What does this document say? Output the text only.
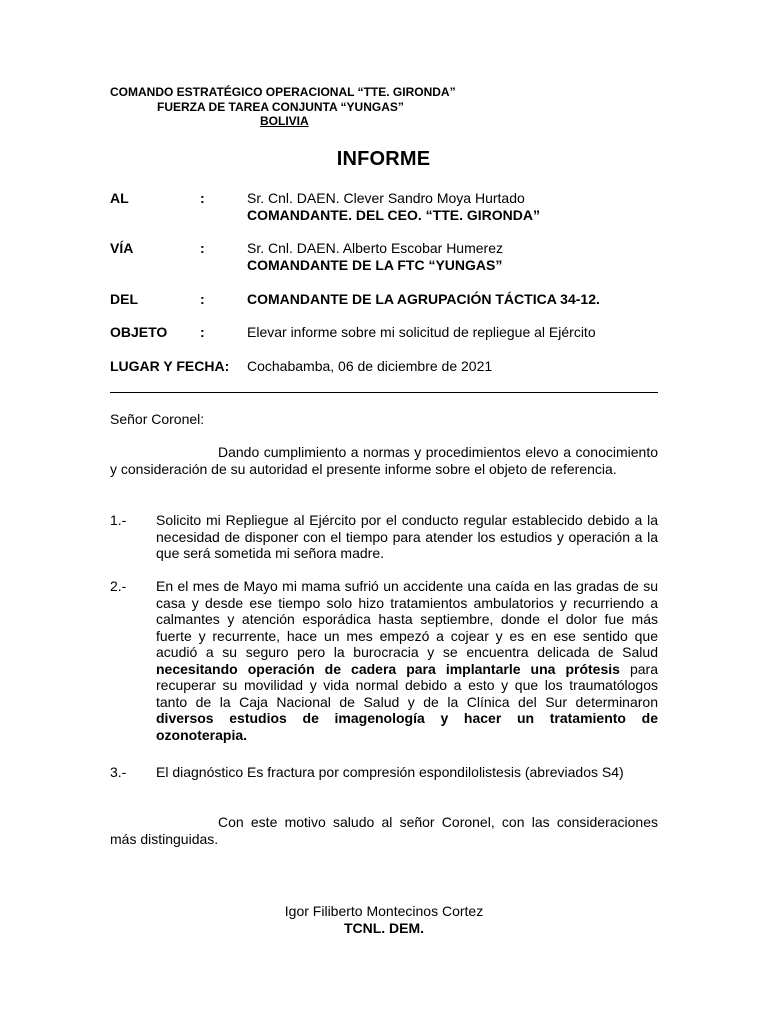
COMANDO ESTRATÉGICO OPERACIONAL “TTE. GIRONDA”
FUERZA DE TAREA CONJUNTA “YUNGAS”
BOLIVIA
INFORME
AL	:	Sr. Cnl. DAEN. Clever Sandro Moya Hurtado
COMANDANTE. DEL CEO. “TTE. GIRONDA”
VÍA	:	Sr. Cnl. DAEN. Alberto Escobar Humerez
COMANDANTE DE LA FTC “YUNGAS”
DEL	:	COMANDANTE DE LA AGRUPACIÓN TÁCTICA 34-12.
OBJETO :	Elevar informe sobre mi solicitud de repliegue al Ejército
LUGAR Y FECHA: Cochabamba, 06 de diciembre de 2021
Señor Coronel:
Dando cumplimiento a normas y procedimientos elevo a conocimiento y consideración de su autoridad el presente informe sobre el objeto de referencia.
1.- Solicito mi Repliegue al Ejército por el conducto regular establecido debido a la necesidad de disponer con el tiempo para atender los estudios y operación a la que será sometida mi señora madre.
2.- En el mes de Mayo mi mama sufrió un accidente una caída en las gradas de su casa y desde ese tiempo solo hizo tratamientos ambulatorios y recurriendo a calmantes y atención esporádica hasta septiembre, donde el dolor fue más fuerte y recurrente, hace un mes empezó a cojear y es en ese sentido que acudió a su seguro pero la burocracia y se encuentra delicada de Salud necesitando operación de cadera para implantarle una prótesis para recuperar su movilidad y vida normal debido a esto y que los traumatólogos tanto de la Caja Nacional de Salud y de la Clínica del Sur determinaron diversos estudios de imagenología y hacer un tratamiento de ozonoterapia.
3.- El diagnóstico Es fractura por compresión espondilolistesis (abreviados S4)
Con este motivo saludo al señor Coronel, con las consideraciones más distinguidas.
Igor Filiberto Montecinos Cortez
TCNL. DEM.
